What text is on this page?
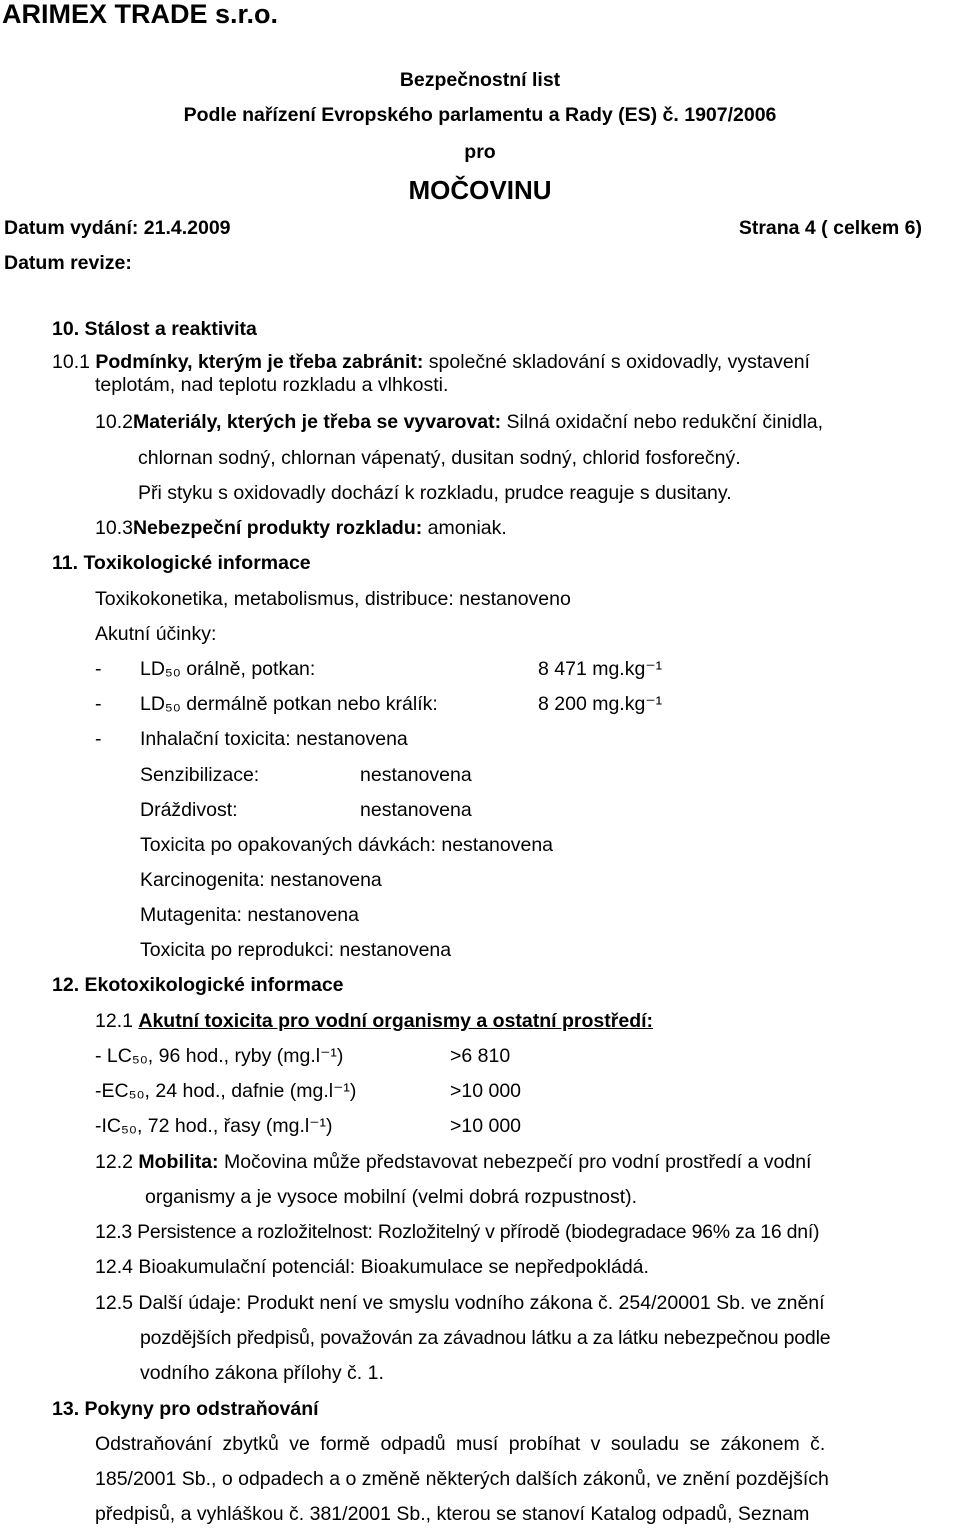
ARIMEX TRADE s.r.o.
Bezpečnostní list
Podle nařízení Evropského parlamentu a Rady (ES) č. 1907/2006
pro
MOČOVINU
Datum vydání: 21.4.2009	Strana 4 ( celkem 6)
Datum revize:
10. Stálost a reaktivita
10.1 Podmínky, kterým je třeba zabránit: společné skladování s oxidovadly, vystavení
teplotám, nad teplotu rozkladu a vlhkosti.
10.2Materiály, kterých je třeba se vyvarovat: Silná oxidační nebo redukční činidla,
chlornan sodný, chlornan vápenatý, dusitan sodný, chlorid fosforečný.
Při styku s oxidovadly dochází k rozkladu, prudce reaguje s dusitany.
10.3Nebezpeční produkty rozkladu: amoniak.
11. Toxikologické informace
Toxikokonetika, metabolismus, distribuce: nestanoveno
Akutní účinky:
- LD₅₀ orálně, potkan:	8 471 mg.kg⁻¹
- LD₅₀ dermálně potkan nebo králík:	8 200 mg.kg⁻¹
- Inhalační toxicita: nestanovena
Senzibilizace:	nestanovena
Dráždivost:	nestanovena
Toxicita po opakovaných dávkách: nestanovena
Karcinogenita: nestanovena
Mutagenita: nestanovena
Toxicita po reprodukci: nestanovena
12. Ekotoxikologické informace
12.1 Akutní toxicita pro vodní organismy a ostatní prostředí:
- LC₅₀, 96 hod., ryby (mg.l⁻¹)	>6 810
-EC₅₀, 24 hod., dafnie (mg.l⁻¹)	>10 000
-IC₅₀, 72 hod., řasy (mg.l⁻¹)	>10 000
12.2 Mobilita: Močovina může představovat nebezpečí pro vodní prostředí a vodní
organismy a je vysoce mobilní (velmi dobrá rozpustnost).
12.3 Persistence a rozložitelnost: Rozložitelný v přírodě (biodegradace 96% za 16 dní)
12.4 Bioakumulační potenciál: Bioakumulace se nepředpokládá.
12.5 Další údaje: Produkt není ve smyslu vodního zákona č. 254/20001 Sb. ve znění
pozdějších předpisů, považován za závadnou látku a za látku nebezpečnou podle
vodního zákona přílohy č. 1.
13. Pokyny pro odstraňování
Odstraňování zbytků ve formě odpadů musí probíhat v souladu se zákonem č.
185/2001 Sb., o odpadech a o změně některých dalších zákonů, ve znění pozdějších
předpisů, a vyhláškou č. 381/2001 Sb., kterou se stanoví Katalog odpadů, Seznam
